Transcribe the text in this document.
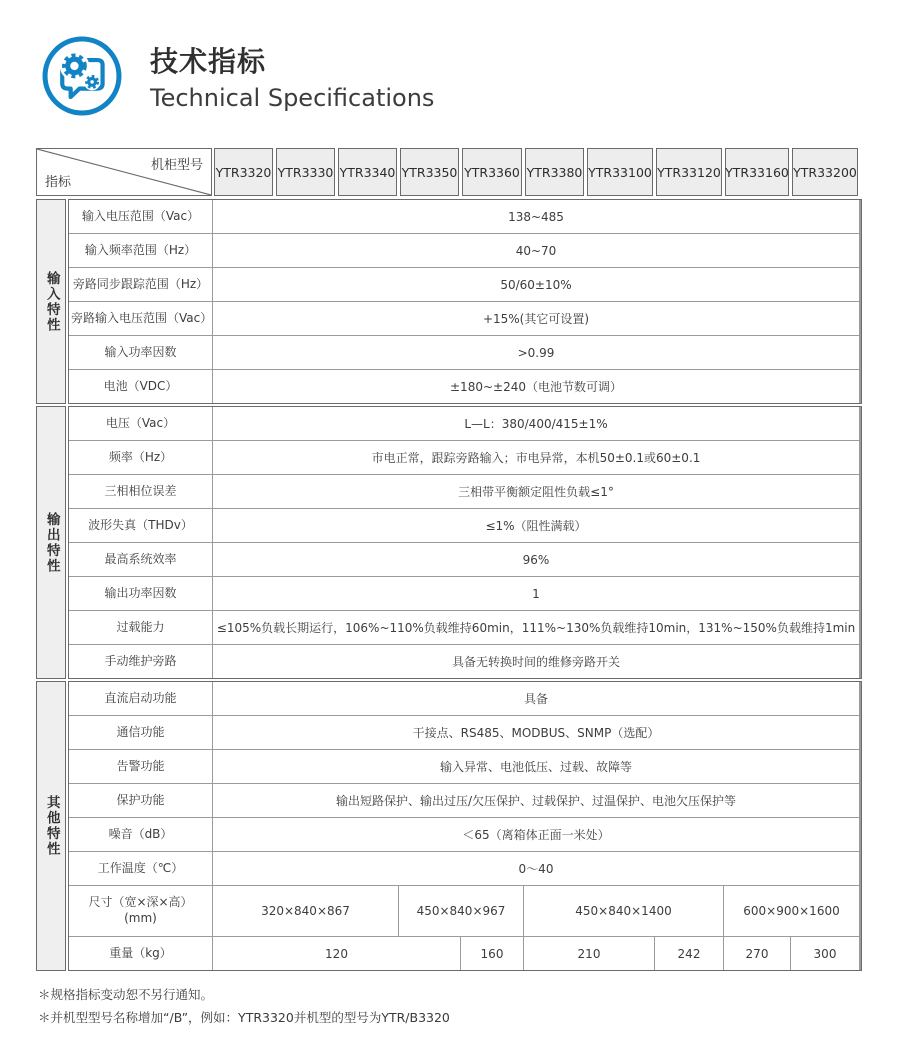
技术指标
Technical Specifications
机柜型号
指标
YTR3320 YTR3330 YTR3340 YTR3350 YTR3360 YTR3380 YTR33100 YTR33120 YTR33160 YTR33200
输入特性
输入电压范围（Vac）	138~485
输入频率范围（Hz）	40~70
旁路同步跟踪范围（Hz）	50/60±10%
旁路输入电压范围（Vac）	+15%(其它可设置)
输入功率因数	>0.99
电池（VDC）	±180~±240（电池节数可调）
输出特性
电压（Vac）	L—L：380/400/415±1%
频率（Hz）	市电正常，跟踪旁路输入；市电异常，本机50±0.1或60±0.1
三相相位误差	三相带平衡额定阻性负载≤1°
波形失真（THDv）	≤1%（阻性满载）
最高系统效率	96%
输出功率因数	1
过载能力	≤105%负载长期运行，106%~110%负载维持60min，111%~130%负载维持10min，131%~150%负载维持1min
手动维护旁路	具备无转换时间的维修旁路开关
其他特性
直流启动功能	具备
通信功能	干接点、RS485、MODBUS、SNMP（选配）
告警功能	输入异常、电池低压、过载、故障等
保护功能	输出短路保护、输出过压/欠压保护、过载保护、过温保护、电池欠压保护等
噪音（dB）	＜65（离箱体正面一米处）
工作温度（℃）	0～40
尺寸（宽×深×高）
(mm)	320×840×867	450×840×967	450×840×1400	600×900×1600
重量（kg）	120	160	210	242	270	300
＊规格指标变动恕不另行通知。
＊并机型型号名称增加“/B”，例如：YTR3320并机型的型号为YTR/B3320
